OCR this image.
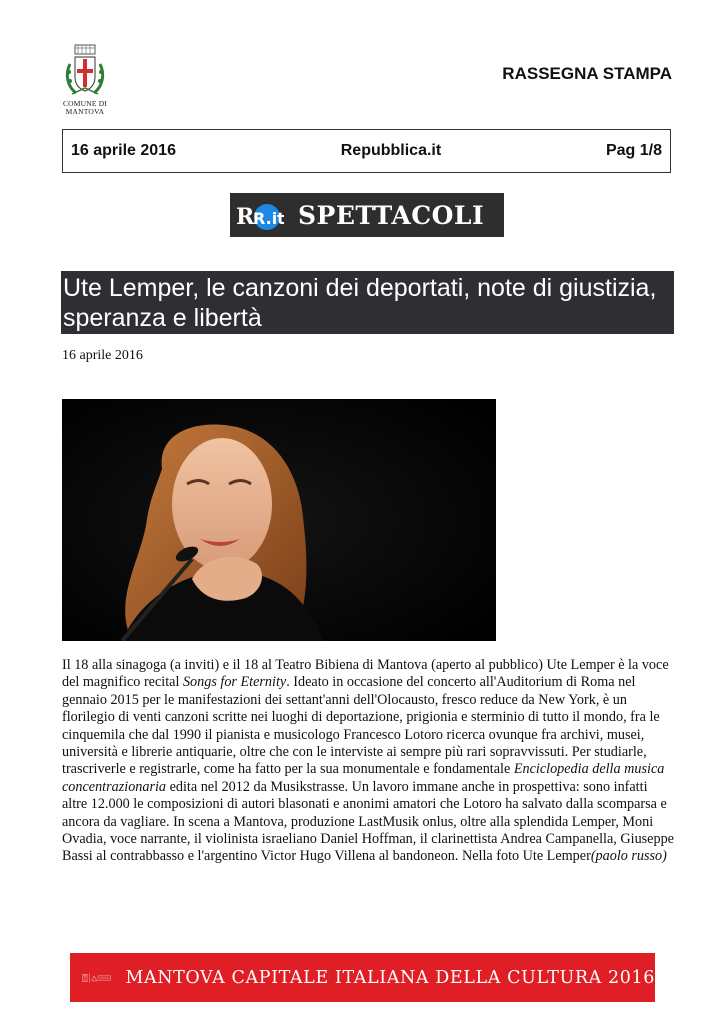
COMUNE DI
MANTOVA
RASSEGNA STAMPA
16 aprile 2016	Repubblica.it	Pag 1/8
R
R.it SPETTACOLI
Ute Lemper, le canzoni dei deportati, note di giustizia, speranza e libertà
16 aprile 2016
Il 18 alla sinagoga (a inviti) e il 18 al Teatro Bibiena di Mantova (aperto al pubblico) Ute Lemper è la voce del magnifico recital Songs for Eternity. Ideato in occasione del concerto all'Auditorium di Roma nel gennaio 2015 per le manifestazioni dei settant'anni dell'Olocausto, fresco reduce da New York, è un florilegio di venti canzoni scritte nei luoghi di deportazione, prigionia e sterminio di tutto il mondo, fra le cinquemila che dal 1990 il pianista e musicologo Francesco Lotoro ricerca ovunque fra archivi, musei, università e librerie antiquarie, oltre che con le interviste ai sempre più rari sopravvissuti. Per studiarle, trascriverle e registrarle, come ha fatto per la sua monumentale e fondamentale Enciclopedia della musica concentrazionaria edita nel 2012 da Musikstrasse. Un lavoro immane anche in prospettiva: sono infatti altre 12.000 le composizioni di autori blasonati e anonimi amatori che Lotoro ha salvato dalla scomparsa e ancora da vagliare. In scena a Mantova, produzione LastMusik onlus, oltre alla splendida Lemper, Moni Ovadia, voce narrante, il violinista israeliano Daniel Hoffman, il clarinettista Andrea Campanella, Giuseppe Bassi al contrabbasso e l'argentino Victor Hugo Villena al bandoneon. Nella foto Ute Lemper(paolo russo)
MANTOVA CAPITALE ITALIANA DELLA CULTURA 2016
